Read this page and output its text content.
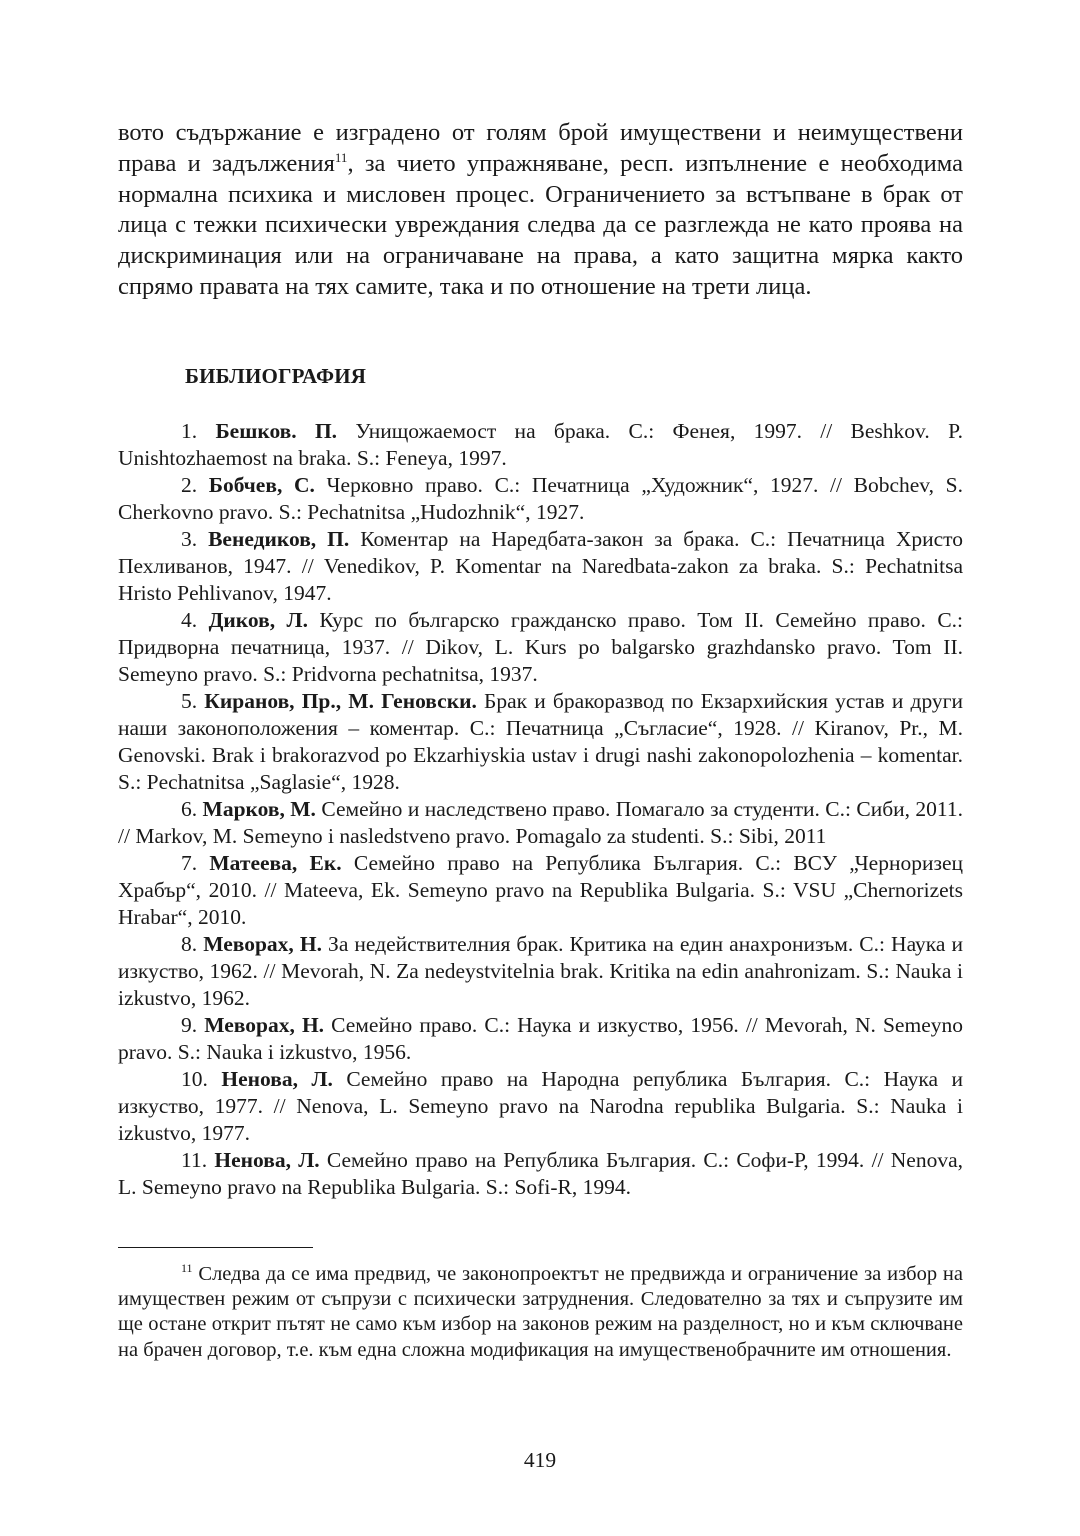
вото съдържание е изградено от голям брой имуществени и неимуществени права и задължения$^{11}$, за чието упражняване, респ. изпълнение е необходима нормална психика и мисловен процес. Ограничението за встъпване в брак от лица с тежки психически увреждания следва да се разглежда не като проява на дискриминация или на ограничаване на права, а като защитна мярка както спрямо правата на тях самите, така и по отношение на трети лица.

БИБЛИОГРАФИЯ

1. Бешков. П. Унищожаемост на брака. С.: Фенея, 1997. // Beshkov. P. Unishtozhaemost na braka. S.: Feneya, 1997.

2. Бобчев, С. Черковно право. С.: Печатница „Художник“, 1927. // Bobchev, S. Cherkovno pravo. S.: Pechatnitsa „Hudozhnik“, 1927.

3. Венедиков, П. Коментар на Наредбата-закон за брака. С.: Печатница Христо Пехливанов, 1947. // Venedikov, P. Komentar na Naredbata-zakon za braka. S.: Pechatnitsa Hristo Pehlivanov, 1947.

4. Диков, Л. Курс по българско гражданско право. Том II. Семейно право. С.: Придворна печатница, 1937. // Dikov, L. Kurs po balgarsko grazhdansko pravo. Tom II. Semeyno pravo. S.: Pridvorna pechatnitsa, 1937.

5. Киранов, Пр., М. Геновски. Брак и бракоразвод по Екзархийския устав и други наши законоположения – коментар. С.: Печатница „Съгласие“, 1928. // Kiranov, Pr., M. Genovski. Brak i brakorazvod po Ekzarhiyskia ustav i drugi nashi zakonopolozhenia – komentar. S.: Pechatnitsa „Saglasie“, 1928.

6. Марков, М. Семейно и наследствено право. Помагало за студенти. С.: Сиби, 2011. // Markov, M. Semeyno i nasledstveno pravo. Pomagalo za studenti. S.: Sibi, 2011

7. Матеева, Ек. Семейно право на Република България. С.: ВСУ „Черноризец Храбър“, 2010. // Mateeva, Ek. Semeyno pravo na Republika Bulgaria. S.: VSU „Chernorizets Hrabar“, 2010.

8. Меворах, Н. За недействителния брак. Критика на един анахронизъм. С.: Наука и изкуство, 1962. // Mevorah, N. Za nedeystvitelnia brak. Kritika na edin anahronizam. S.: Nauka i izkustvo, 1962.

9. Меворах, Н. Семейно право. С.: Наука и изкуство, 1956. // Mevorah, N. Semeyno pravo. S.: Nauka i izkustvo, 1956.

10. Ненова, Л. Семейно право на Народна република България. С.: Наука и изкуство, 1977. // Nenova, L. Semeyno pravo na Narodna republika Bulgaria. S.: Nauka i izkustvo, 1977.

11. Ненова, Л. Семейно право на Република България. С.: Софи-Р, 1994. // Nenova, L. Semeyno pravo na Republika Bulgaria. S.: Sofi-R, 1994.

$^{11}$ Следва да се има предвид, че законопроектът не предвижда и ограничение за избор на имуществен режим от съпрузи с психически затруднения. Следователно за тях и съпрузите им ще остане открит пътят не само към избор на законов режим на разделност, но и към сключване на брачен договор, т.е. към една сложна модификация на имущественобрачните им отношения.

419
